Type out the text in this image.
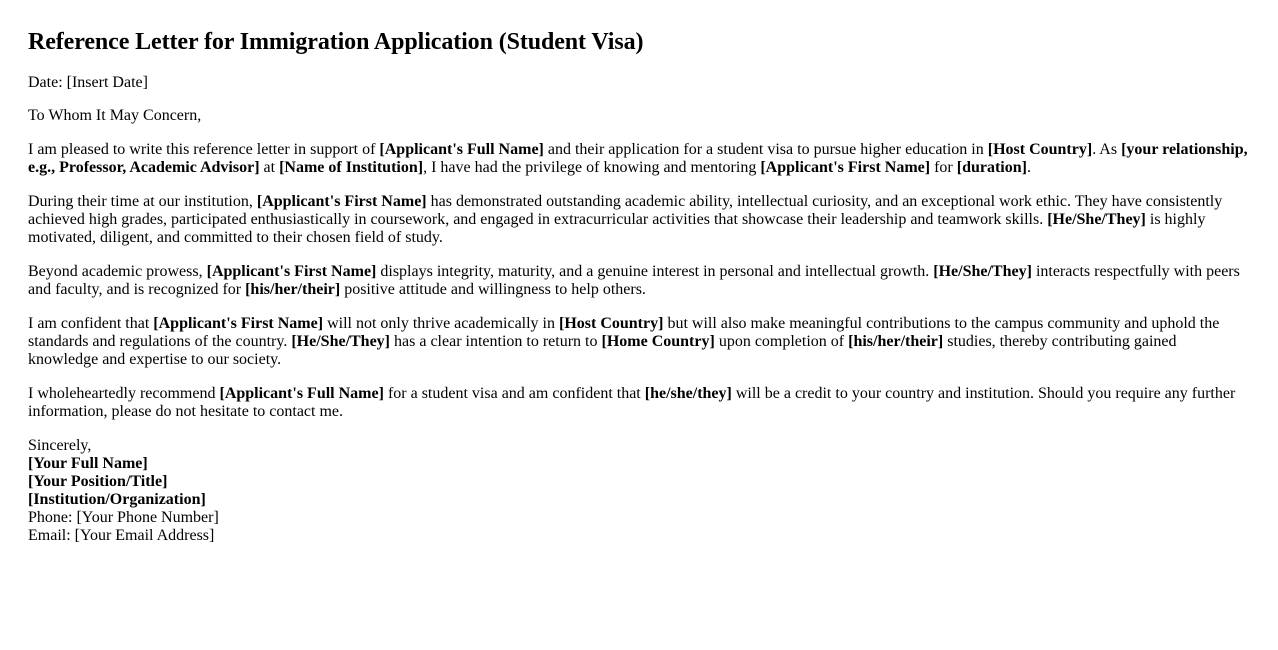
Reference Letter for Immigration Application (Student Visa)

Date: [Insert Date]

To Whom It May Concern,

I am pleased to write this reference letter in support of [Applicant's Full Name] and their application for a student visa to pursue higher education in [Host Country]. As [your relationship, e.g., Professor, Academic Advisor] at [Name of Institution], I have had the privilege of knowing and mentoring [Applicant's First Name] for [duration].

During their time at our institution, [Applicant's First Name] has demonstrated outstanding academic ability, intellectual curiosity, and an exceptional work ethic. They have consistently achieved high grades, participated enthusiastically in coursework, and engaged in extracurricular activities that showcase their leadership and teamwork skills. [He/She/They] is highly motivated, diligent, and committed to their chosen field of study.

Beyond academic prowess, [Applicant's First Name] displays integrity, maturity, and a genuine interest in personal and intellectual growth. [He/She/They] interacts respectfully with peers and faculty, and is recognized for [his/her/their] positive attitude and willingness to help others.

I am confident that [Applicant's First Name] will not only thrive academically in [Host Country] but will also make meaningful contributions to the campus community and uphold the standards and regulations of the country. [He/She/They] has a clear intention to return to [Home Country] upon completion of [his/her/their] studies, thereby contributing gained knowledge and expertise to our society.

I wholeheartedly recommend [Applicant's Full Name] for a student visa and am confident that [he/she/they] will be a credit to your country and institution. Should you require any further information, please do not hesitate to contact me.

Sincerely,
[Your Full Name]
[Your Position/Title]
[Institution/Organization]
Phone: [Your Phone Number]
Email: [Your Email Address]
